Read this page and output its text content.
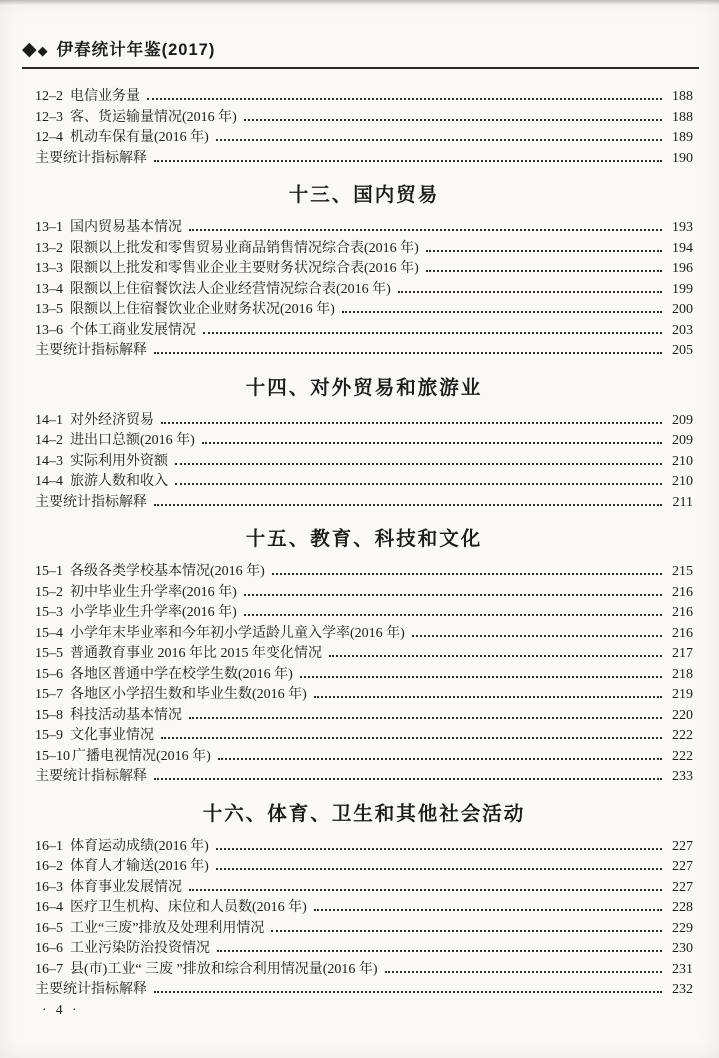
◆ ◆ 伊春统计年鉴(2017)
12–2 电信业务量	188
12–3 客、货运输量情况(2016 年)	188
12–4 机动车保有量(2016 年)	189
主要统计指标解释	190
十三、国内贸易
13–1 国内贸易基本情况	193
13–2 限额以上批发和零售贸易业商品销售情况综合表(2016 年)	194
13–3 限额以上批发和零售业企业主要财务状况综合表(2016 年)	196
13–4 限额以上住宿餐饮法人企业经营情况综合表(2016 年)	199
13–5 限额以上住宿餐饮业企业财务状况(2016 年)	200
13–6 个体工商业发展情况	203
主要统计指标解释	205
十四、对外贸易和旅游业
14–1 对外经济贸易	209
14–2 进出口总额(2016 年)	209
14–3 实际利用外资额	210
14–4 旅游人数和收入	210
主要统计指标解释	211
十五、教育、科技和文化
15–1 各级各类学校基本情况(2016 年)	215
15–2 初中毕业生升学率(2016 年)	216
15–3 小学毕业生升学率(2016 年)	216
15–4 小学年末毕业率和今年初小学适龄儿童入学率(2016 年)	216
15–5 普通教育事业 2016 年比 2015 年变化情况	217
15–6 各地区普通中学在校学生数(2016 年)	218
15–7 各地区小学招生数和毕业生数(2016 年)	219
15–8 科技活动基本情况	220
15–9 文化事业情况	222
15–10 广播电视情况(2016 年)	222
主要统计指标解释	233
十六、体育、卫生和其他社会活动
16–1 体育运动成绩(2016 年)	227
16–2 体育人才输送(2016 年)	227
16–3 体育事业发展情况	227
16–4 医疗卫生机构、床位和人员数(2016 年)	228
16–5 工业“三废”排放及处理利用情况	229
16–6 工业污染防治投资情况	230
16–7 县(市)工业“ 三废 ”排放和综合利用情况量(2016 年)	231
主要统计指标解释	232
· 4 ·
